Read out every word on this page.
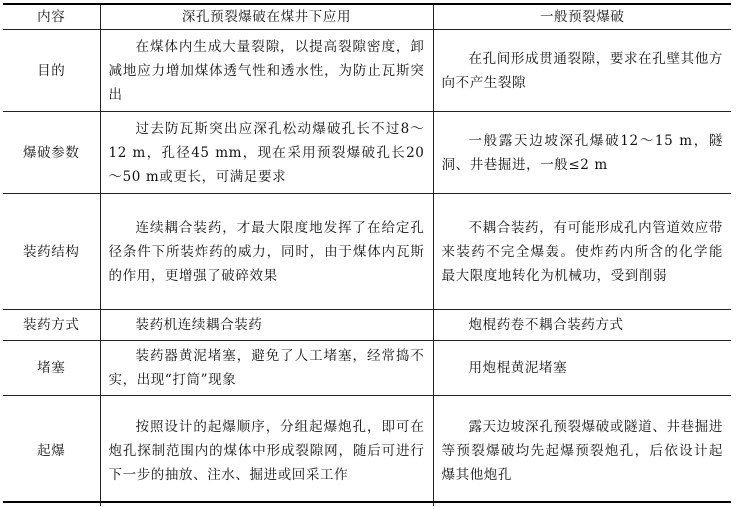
内容	深孔预裂爆破在煤井下应用	一般预裂爆破
目的	在煤体内生成大量裂隙，以提高裂隙密度，卸减地应力增加煤体透气性和透水性，为防止瓦斯突出	在孔间形成贯通裂隙，要求在孔壁其他方向不产生裂隙
爆破参数	过去防瓦斯突出应深孔松动爆破孔长不过8～12 m，孔径45 mm，现在采用预裂爆破孔长20～50 m或更长，可满足要求	一般露天边坡深孔爆破12～15 m，隧洞、井巷掘进，一般≤2 m
装药结构	连续耦合装药，才最大限度地发挥了在给定孔径条件下所装炸药的威力，同时，由于煤体内瓦斯的作用，更增强了破碎效果	不耦合装药，有可能形成孔内管道效应带来装药不完全爆轰。使炸药内所含的化学能最大限度地转化为机械功，受到削弱
装药方式	装药机连续耦合装药	炮棍药卷不耦合装药方式
堵塞	装药器黄泥堵塞，避免了人工堵塞，经常捣不实，出现“打筒”现象	用炮棍黄泥堵塞
起爆	按照设计的起爆顺序，分组起爆炮孔，即可在炮孔探制范围内的煤体中形成裂隙网，随后可进行下一步的抽放、注水、掘进或回采工作	露天边坡深孔预裂爆破或隧道、井巷掘进等预裂爆破均先起爆预裂炮孔，后依设计起爆其他炮孔
